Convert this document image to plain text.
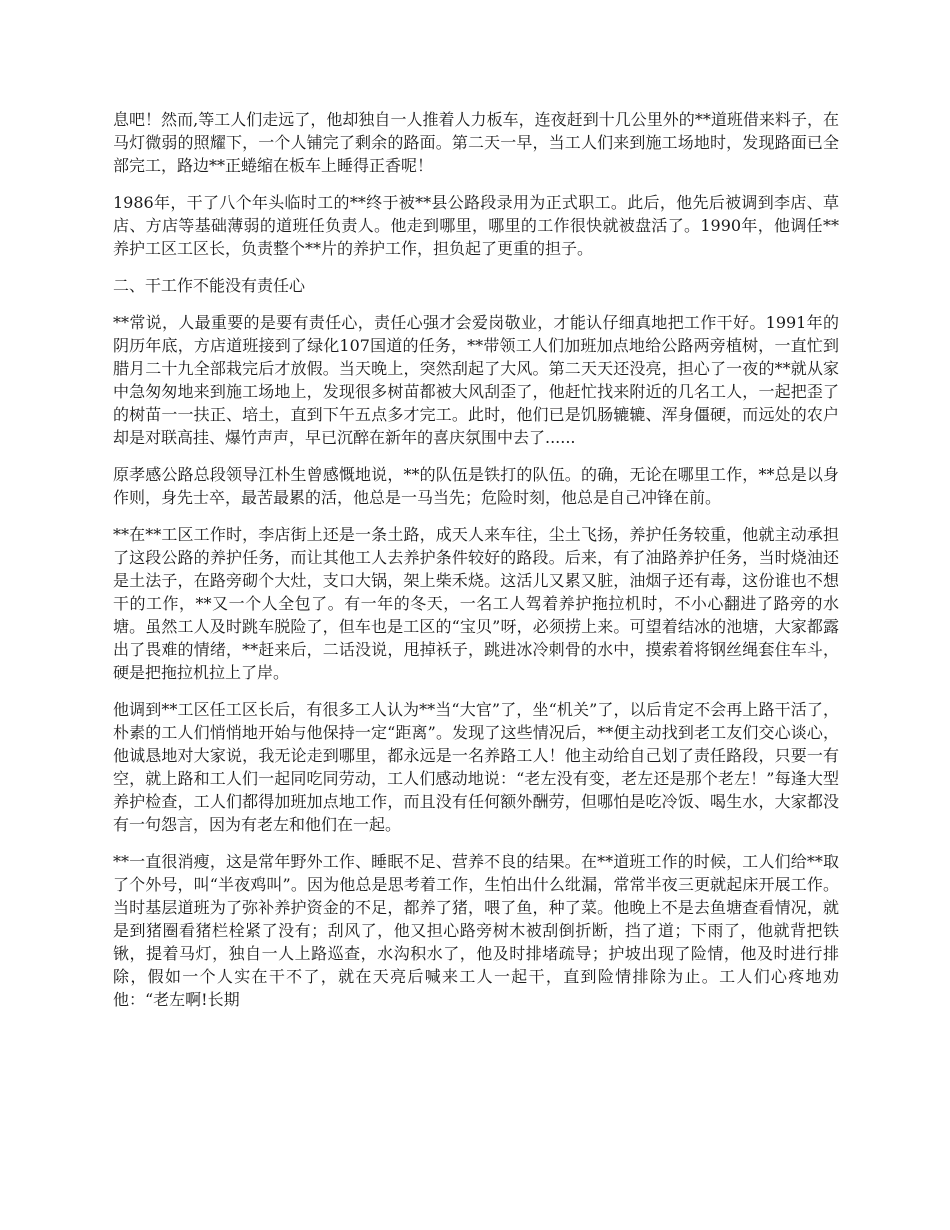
息吧！然而,等工人们走远了，他却独自一人推着人力板车，连夜赶到十几公里外的**道班借来料子，在马灯微弱的照耀下，一个人铺完了剩余的路面。第二天一早，当工人们来到施工场地时，发现路面已全部完工，路边**正蜷缩在板车上睡得正香呢！

1986年，干了八个年头临时工的**终于被**县公路段录用为正式职工。此后，他先后被调到李店、草店、方店等基础薄弱的道班任负责人。他走到哪里，哪里的工作很快就被盘活了。1990年，他调任**养护工区工区长，负责整个**片的养护工作，担负起了更重的担子。

二、干工作不能没有责任心

**常说，人最重要的是要有责任心，责任心强才会爱岗敬业，才能认仔细真地把工作干好。1991年的阴历年底，方店道班接到了绿化107国道的任务，**带领工人们加班加点地给公路两旁植树，一直忙到腊月二十九全部栽完后才放假。当天晚上，突然刮起了大风。第二天天还没亮，担心了一夜的**就从家中急匆匆地来到施工场地上，发现很多树苗都被大风刮歪了，他赶忙找来附近的几名工人，一起把歪了的树苗一一扶正、培土，直到下午五点多才完工。此时，他们已是饥肠辘辘、浑身僵硬，而远处的农户却是对联高挂、爆竹声声，早已沉醉在新年的喜庆氛围中去了......

原孝感公路总段领导江朴生曾感慨地说，**的队伍是铁打的队伍。的确，无论在哪里工作，**总是以身作则，身先士卒，最苦最累的活，他总是一马当先；危险时刻，他总是自己冲锋在前。

**在**工区工作时，李店街上还是一条土路，成天人来车往，尘土飞扬，养护任务较重，他就主动承担了这段公路的养护任务，而让其他工人去养护条件较好的路段。后来，有了油路养护任务，当时烧油还是土法子，在路旁砌个大灶，支口大锅，架上柴禾烧。这活儿又累又脏，油烟子还有毒，这份谁也不想干的工作，**又一个人全包了。有一年的冬天，一名工人驾着养护拖拉机时，不小心翻进了路旁的水塘。虽然工人及时跳车脱险了，但车也是工区的“宝贝”呀，必须捞上来。可望着结冰的池塘，大家都露出了畏难的情绪，**赶来后，二话没说，甩掉袄子，跳进冰冷刺骨的水中，摸索着将钢丝绳套住车斗，硬是把拖拉机拉上了岸。

他调到**工区任工区长后，有很多工人认为**当“大官”了，坐“机关”了，以后肯定不会再上路干活了，朴素的工人们悄悄地开始与他保持一定“距离”。发现了这些情况后，**便主动找到老工友们交心谈心，他诚恳地对大家说，我无论走到哪里，都永远是一名养路工人！他主动给自己划了责任路段，只要一有空，就上路和工人们一起同吃同劳动，工人们感动地说：“老左没有变，老左还是那个老左！”每逢大型养护检查，工人们都得加班加点地工作，而且没有任何额外酬劳，但哪怕是吃冷饭、喝生水，大家都没有一句怨言，因为有老左和他们在一起。

**一直很消瘦，这是常年野外工作、睡眠不足、营养不良的结果。在**道班工作的时候，工人们给**取了个外号，叫“半夜鸡叫”。因为他总是思考着工作，生怕出什么纰漏，常常半夜三更就起床开展工作。当时基层道班为了弥补养护资金的不足，都养了猪，喂了鱼，种了菜。他晚上不是去鱼塘查看情况，就是到猪圈看猪栏栓紧了没有；刮风了，他又担心路旁树木被刮倒折断，挡了道；下雨了，他就背把铁锹，提着马灯，独自一人上路巡查，水沟积水了，他及时排堵疏导；护坡出现了险情，他及时进行排除，假如一个人实在干不了，就在天亮后喊来工人一起干，直到险情排除为止。工人们心疼地劝他：“老左啊!长期
